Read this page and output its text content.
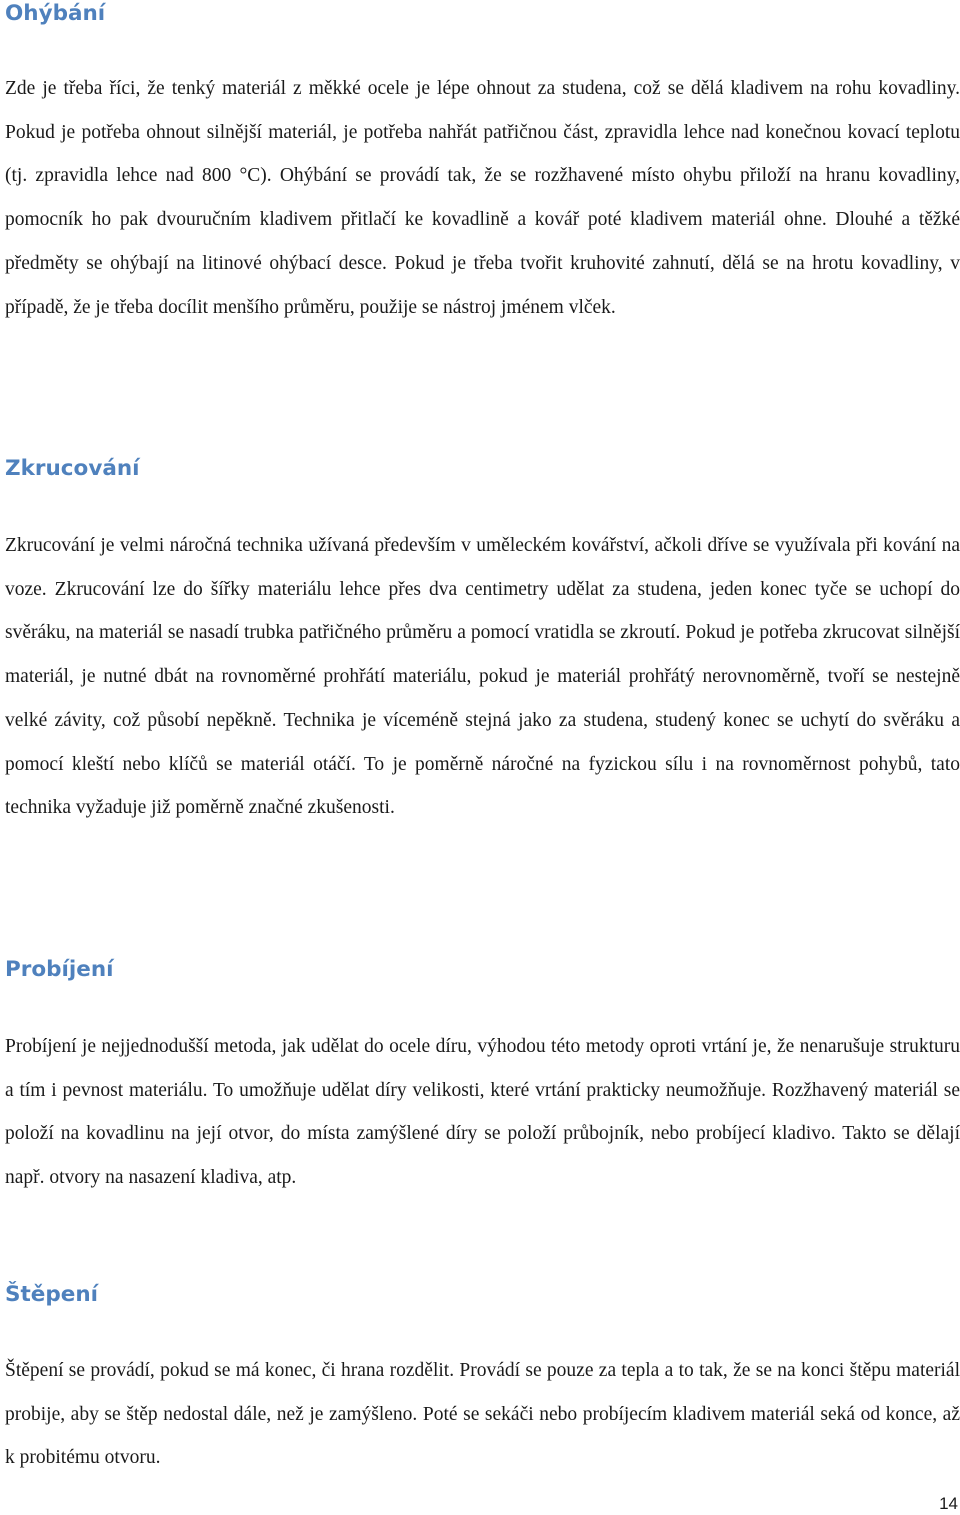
Ohýbání

Zde je třeba říci, že tenký materiál z měkké ocele je lépe ohnout za studena, což se dělá kladivem na rohu kovadliny. Pokud je potřeba ohnout silnější materiál, je potřeba nahřát patřičnou část, zpravidla lehce nad konečnou kovací teplotu (tj. zpravidla lehce nad 800 °C). Ohýbání se provádí tak, že se rozžhavené místo ohybu přiloží na hranu kovadliny, pomocník ho pak dvouručním kladivem přitlačí ke kovadlině a kovář poté kladivem materiál ohne. Dlouhé a těžké předměty se ohýbají na litinové ohýbací desce. Pokud je třeba tvořit kruhovité zahnutí, dělá se na hrotu kovadliny, v případě, že je třeba docílit menšího průměru, použije se nástroj jménem vlček.

Zkrucování

Zkrucování je velmi náročná technika užívaná především v uměleckém kovářství, ačkoli dříve se využívala při kování na voze. Zkrucování lze do šířky materiálu lehce přes dva centimetry udělat za studena, jeden konec tyče se uchopí do svěráku, na materiál se nasadí trubka patřičného průměru a pomocí vratidla se zkroutí. Pokud je potřeba zkrucovat silnější materiál, je nutné dbát na rovnoměrné prohřátí materiálu, pokud je materiál prohřátý nerovnoměrně, tvoří se nestejně velké závity, což působí nepěkně. Technika je víceméně stejná jako za studena, studený konec se uchytí do svěráku a pomocí kleští nebo klíčů se materiál otáčí. To je poměrně náročné na fyzickou sílu i na rovnoměrnost pohybů, tato technika vyžaduje již poměrně značné zkušenosti.

Probíjení

Probíjení je nejjednodušší metoda, jak udělat do ocele díru, výhodou této metody oproti vrtání je, že nenarušuje strukturu a tím i pevnost materiálu. To umožňuje udělat díry velikosti, které vrtání prakticky neumožňuje. Rozžhavený materiál se položí na kovadlinu na její otvor, do místa zamýšlené díry se položí průbojník, nebo probíjecí kladivo. Takto se dělají např. otvory na nasazení kladiva, atp.

Štěpení

Štěpení se provádí, pokud se má konec, či hrana rozdělit. Provádí se pouze za tepla a to tak, že se na konci štěpu materiál probije, aby se štěp nedostal dále, než je zamýšleno. Poté se sekáči nebo probíjecím kladivem materiál seká od konce, až k probitému otvoru.

14
